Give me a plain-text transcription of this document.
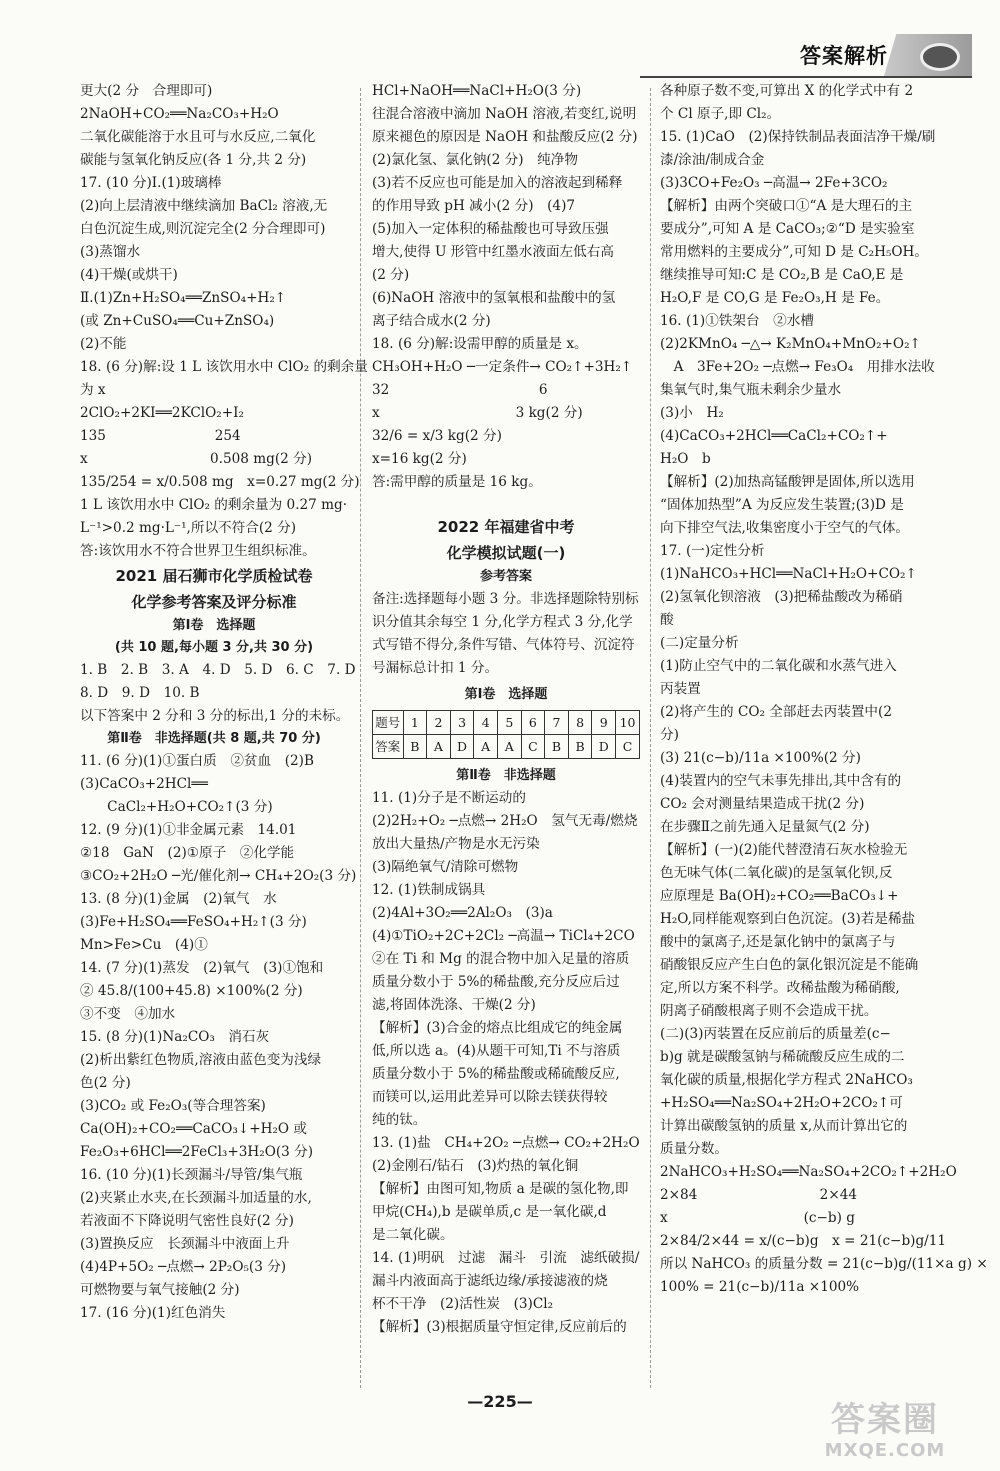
答案解析
更大(2 分　合理即可)
2NaOH+CO₂══Na₂CO₃+H₂O
二氧化碳能溶于水且可与水反应,二氧化
碳能与氢氧化钠反应(各 1 分,共 2 分)
17. (10 分)Ⅰ.(1)玻璃棒
(2)向上层清液中继续滴加 BaCl₂ 溶液,无
白色沉淀生成,则沉淀完全(2 分合理即可)
(3)蒸馏水
(4)干燥(或烘干)
Ⅱ.(1)Zn+H₂SO₄══ZnSO₄+H₂↑
(或 Zn+CuSO₄══Cu+ZnSO₄)
(2)不能
18. (6 分)解:设 1 L 该饮用水中 ClO₂ 的剩余量
为 x
2ClO₂+2KI══2KClO₂+I₂
135　　　　　　　　254
x　　　　　　　　　0.508 mg(2 分)
135/254 = x/0.508 mg　x=0.27 mg(2 分)
1 L 该饮用水中 ClO₂ 的剩余量为 0.27 mg·
L⁻¹>0.2 mg·L⁻¹,所以不符合(2 分)
答:该饮用水不符合世界卫生组织标准。
2021 届石狮市化学质检试卷
化学参考答案及评分标准
第Ⅰ卷　选择题
(共 10 题,每小题 3 分,共 30 分)
1. B　2. B　3. A　4. D　5. D　6. C　7. D
8. D　9. D　10. B
以下答案中 2 分和 3 分的标出,1 分的未标。
第Ⅱ卷　非选择题(共 8 题,共 70 分)
11. (6 分)(1)①蛋白质　②贫血　(2)B
(3)CaCO₃+2HCl══
　　CaCl₂+H₂O+CO₂↑(3 分)
12. (9 分)(1)①非金属元素　14.01
②18　GaN　(2)①原子　②化学能
③CO₂+2H₂O ─光/催化剂→ CH₄+2O₂(3 分)
13. (8 分)(1)金属　(2)氧气　水
(3)Fe+H₂SO₄══FeSO₄+H₂↑(3 分)
Mn>Fe>Cu　(4)①
14. (7 分)(1)蒸发　(2)氧气　(3)①饱和
② 45.8/(100+45.8) ×100%(2 分)
③不变　④加水
15. (8 分)(1)Na₂CO₃　消石灰
(2)析出紫红色物质,溶液由蓝色变为浅绿
色(2 分)
(3)CO₂ 或 Fe₂O₃(等合理答案)
Ca(OH)₂+CO₂══CaCO₃↓+H₂O 或
Fe₂O₃+6HCl══2FeCl₃+3H₂O(3 分)
16. (10 分)(1)长颈漏斗/导管/集气瓶
(2)夹紧止水夹,在长颈漏斗加适量的水,
若液面不下降说明气密性良好(2 分)
(3)置换反应　长颈漏斗中液面上升
(4)4P+5O₂ ─点燃→ 2P₂O₅(3 分)
可燃物要与氧气接触(2 分)
17. (16 分)(1)红色消失
HCl+NaOH══NaCl+H₂O(3 分)
往混合溶液中滴加 NaOH 溶液,若变红,说明
原来褪色的原因是 NaOH 和盐酸反应(2 分)
(2)氯化氢、氯化钠(2 分)　纯净物
(3)若不反应也可能是加入的溶液起到稀释
的作用导致 pH 减小(2 分)　(4)7
(5)加入一定体积的稀盐酸也可导致压强
增大,使得 U 形管中红墨水液面左低右高
(2 分)
(6)NaOH 溶液中的氢氧根和盐酸中的氢
离子结合成水(2 分)
18. (6 分)解:设需甲醇的质量是 x。
CH₃OH+H₂O ─一定条件→ CO₂↑+3H₂↑
32　　　　　　　　　　　6
x　　　　　　　　　　3 kg(2 分)
32/6 = x/3 kg(2 分)
x=16 kg(2 分)
答:需甲醇的质量是 16 kg。
2022 年福建省中考
化学模拟试题(一)
参考答案
备注:选择题每小题 3 分。非选择题除特别标识分值其余每空 1 分,化学方程式 3 分,化学式写错不得分,条件写错、气体符号、沉淀符号漏标总计扣 1 分。
第Ⅰ卷　选择题
题号	1	2	3	4	5	6	7	8	9	10
答案	B	A	D	A	A	C	B	B	D	C
第Ⅱ卷　非选择题
11. (1)分子是不断运动的
(2)2H₂+O₂ ─点燃→ 2H₂O　氢气无毒/燃烧
放出大量热/产物是水无污染
(3)隔绝氧气/清除可燃物
12. (1)铁制成锅具
(2)4Al+3O₂══2Al₂O₃　(3)a
(4)①TiO₂+2C+2Cl₂ ─高温→ TiCl₄+2CO
②在 Ti 和 Mg 的混合物中加入足量的溶质
质量分数小于 5%的稀盐酸,充分反应后过
滤,将固体洗涤、干燥(2 分)
【解析】(3)合金的熔点比组成它的纯金属
低,所以选 a。(4)从题干可知,Ti 不与溶质
质量分数小于 5%的稀盐酸或稀硫酸反应,
而镁可以,运用此差异可以除去镁获得较
纯的钛。
13. (1)盐　CH₄+2O₂ ─点燃→ CO₂+2H₂O
(2)金刚石/钻石　(3)灼热的氧化铜
【解析】由图可知,物质 a 是碳的氢化物,即
甲烷(CH₄),b 是碳单质,c 是一氧化碳,d
是二氧化碳。
14. (1)明矾　过滤　漏斗　引流　滤纸破损/
漏斗内液面高于滤纸边缘/承接滤液的烧
杯不干净　(2)活性炭　(3)Cl₂
【解析】(3)根据质量守恒定律,反应前后的
各种原子数不变,可算出 X 的化学式中有 2
个 Cl 原子,即 Cl₂。
15. (1)CaO　(2)保持铁制品表面洁净干燥/刷
漆/涂油/制成合金
(3)3CO+Fe₂O₃ ─高温→ 2Fe+3CO₂
【解析】由两个突破口①“A 是大理石的主
要成分”,可知 A 是 CaCO₃;②“D 是实验室
常用燃料的主要成分”,可知 D 是 C₂H₅OH。
继续推导可知:C 是 CO₂,B 是 CaO,E 是
H₂O,F 是 CO,G 是 Fe₂O₃,H 是 Fe。
16. (1)①铁架台　②水槽
(2)2KMnO₄ ─△→ K₂MnO₄+MnO₂+O₂↑
　A　3Fe+2O₂ ─点燃→ Fe₃O₄　用排水法收
集氧气时,集气瓶未剩余少量水
(3)小　H₂
(4)CaCO₃+2HCl══CaCl₂+CO₂↑+
H₂O　b
【解析】(2)加热高锰酸钾是固体,所以选用
“固体加热型”A 为反应发生装置;(3)D 是
向下排空气法,收集密度小于空气的气体。
17. (一)定性分析
(1)NaHCO₃+HCl══NaCl+H₂O+CO₂↑
(2)氢氧化钡溶液　(3)把稀盐酸改为稀硝
酸
(二)定量分析
(1)防止空气中的二氧化碳和水蒸气进入
丙装置
(2)将产生的 CO₂ 全部赶去丙装置中(2
分)
(3) 21(c−b)/11a ×100%(2 分)
(4)装置内的空气未事先排出,其中含有的
CO₂ 会对测量结果造成干扰(2 分)
在步骤Ⅱ之前先通入足量氮气(2 分)
【解析】(一)(2)能代替澄清石灰水检验无
色无味气体(二氧化碳)的是氢氧化钡,反
应原理是 Ba(OH)₂+CO₂══BaCO₃↓+
H₂O,同样能观察到白色沉淀。(3)若是稀盐
酸中的氯离子,还是氯化钠中的氯离子与
硝酸银反应产生白色的氯化银沉淀是不能确
定,所以方案不科学。改稀盐酸为稀硝酸,
阴离子硝酸根离子则不会造成干扰。
(二)(3)丙装置在反应前后的质量差(c−
b)g 就是碳酸氢钠与稀硫酸反应生成的二
氧化碳的质量,根据化学方程式 2NaHCO₃
+H₂SO₄══Na₂SO₄+2H₂O+2CO₂↑可
计算出碳酸氢钠的质量 x,从而计算出它的
质量分数。
2NaHCO₃+H₂SO₄══Na₂SO₄+2CO₂↑+2H₂O
2×84　　　　　　　　　2×44
x　　　　　　　　　　(c−b) g
2×84/2×44 = x/(c−b)g　x = 21(c−b)g/11
所以 NaHCO₃ 的质量分数 = 21(c−b)g/(11×a g) ×
100% = 21(c−b)/11a ×100%
—225—	答案圈
MXQE.COM
